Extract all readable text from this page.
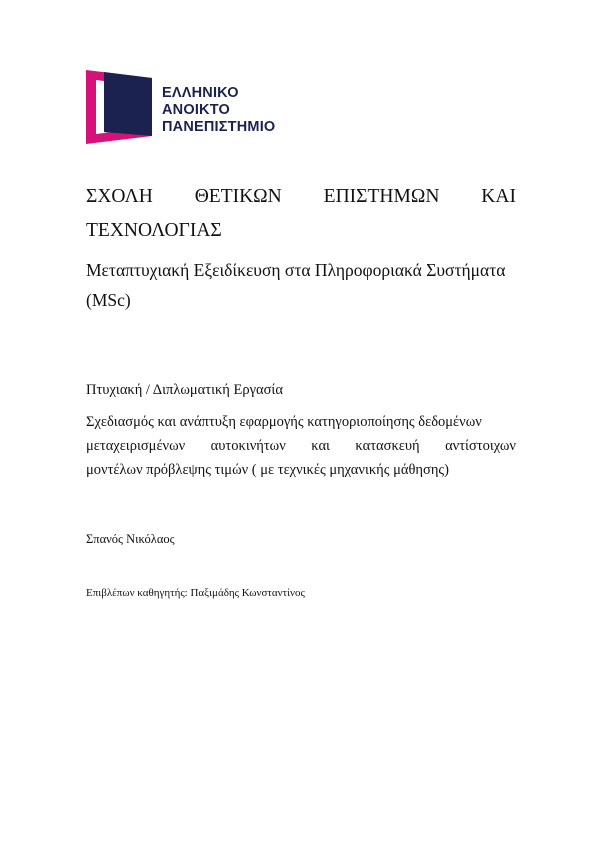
ΕΛΛΗΝΙΚΟ
ΑΝΟΙΚΤΟ
ΠΑΝΕΠΙΣΤΗΜΙΟ
ΣΧΟΛΗ ΘΕΤΙΚΩΝ ΕΠΙΣΤΗΜΩΝ ΚΑΙ
ΤΕΧΝΟΛΟΓΙΑΣ
Μεταπτυχιακή Εξειδίκευση στα Πληροφοριακά Συστήματα
(MSc)
Πτυχιακή / Διπλωματική Εργασία
Σχεδιασμός και ανάπτυξη εφαρμογής κατηγοριοποίησης δεδομένων
μεταχειρισμένων αυτοκινήτων και κατασκευή αντίστοιχων
μοντέλων πρόβλεψης τιμών ( με τεχνικές μηχανικής μάθησης)
Σπανός Νικόλαος
Επιβλέπων καθηγητής: Παξιμάδης Κωνσταντίνος
